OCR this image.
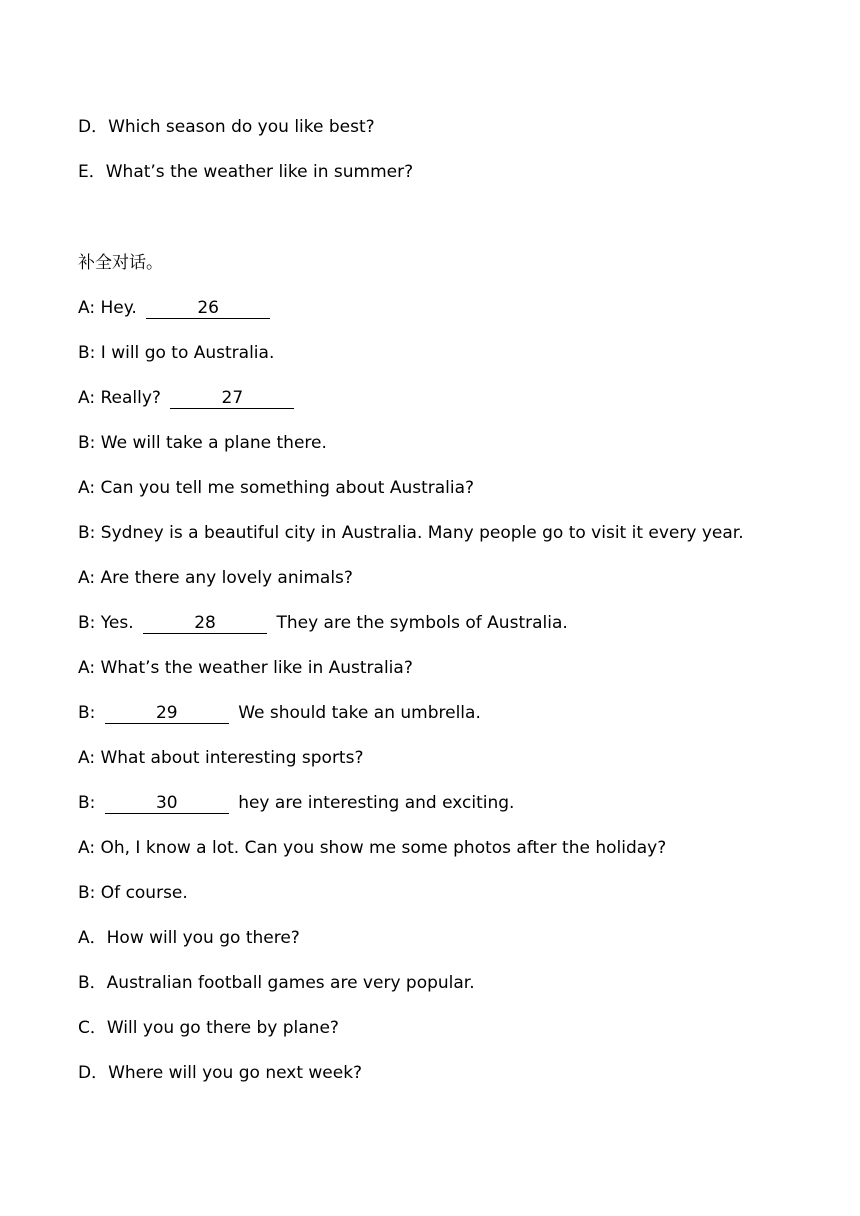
D．Which season do you like best?
E．What’s the weather like in summer?
补全对话。
A: Hey.	26
B: I will go to Australia.
A: Really?	27
B: We will take a plane there.
A: Can you tell me something about Australia?
B: Sydney is a beautiful city in Australia. Many people go to visit it every year.
A: Are there any lovely animals?
B: Yes.	28	They are the symbols of Australia.
A: What’s the weather like in Australia?
B:	29	We should take an umbrella.
A: What about interesting sports?
B:	30	hey are interesting and exciting.
A: Oh, I know a lot. Can you show me some photos after the holiday?
B: Of course.
A．How will you go there?
B．Australian football games are very popular.
C．Will you go there by plane?
D．Where will you go next week?
